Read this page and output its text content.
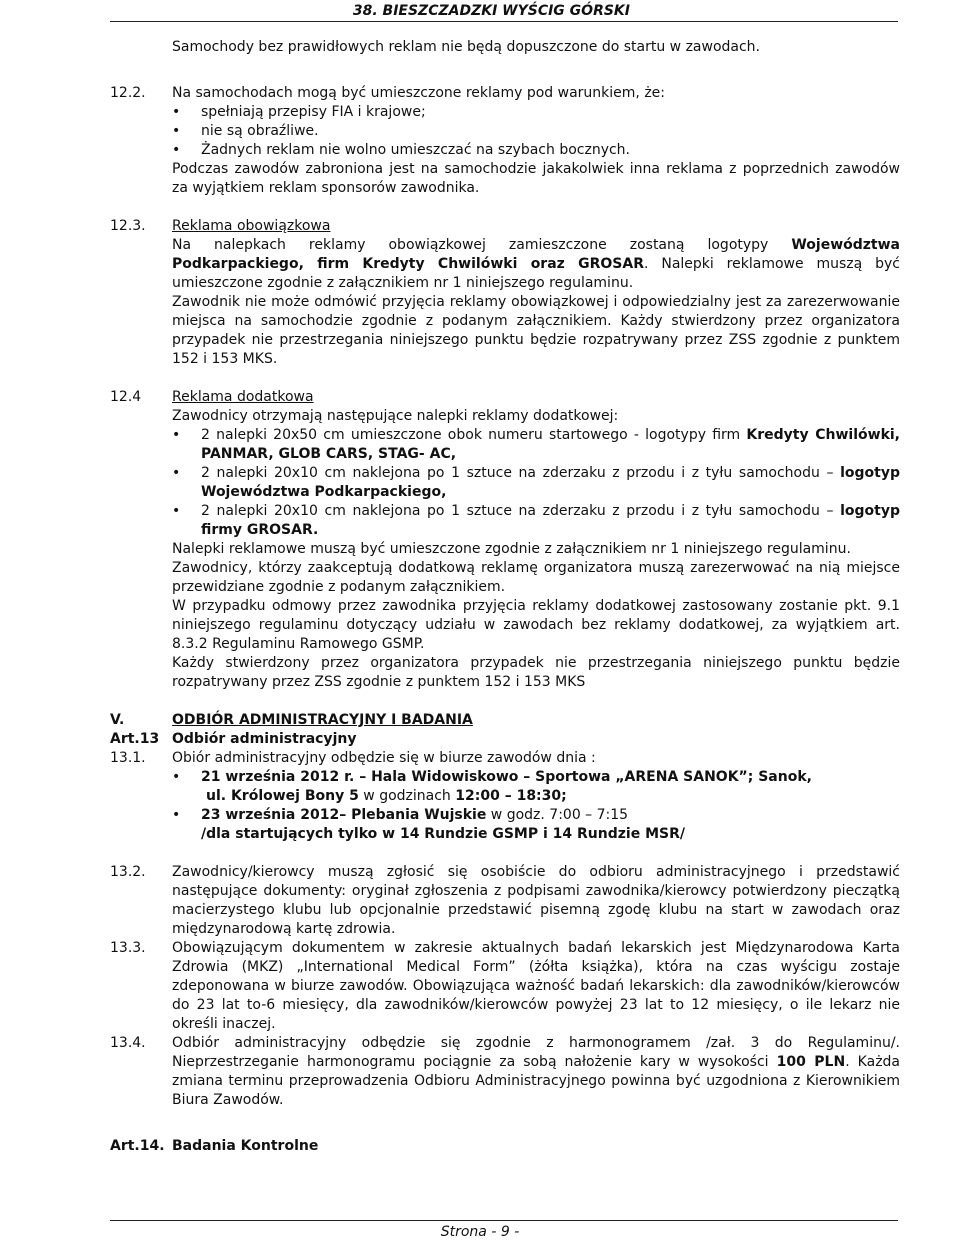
38. BIESZCZADZKI WYŚCIG GÓRSKI
Samochody bez prawidłowych reklam nie będą dopuszczone do startu w zawodach.
12.2. Na samochodach mogą być umieszczone reklamy pod warunkiem, że:
• spełniają przepisy FIA i krajowe;
• nie są obraźliwe.
• Żadnych reklam nie wolno umieszczać na szybach bocznych.
Podczas zawodów zabroniona jest na samochodzie jakakolwiek inna reklama z poprzednich zawodów za wyjątkiem reklam sponsorów zawodnika.
12.3. Reklama obowiązkowa
Na nalepkach reklamy obowiązkowej zamieszczone zostaną logotypy Województwa Podkarpackiego, firm Kredyty Chwilówki oraz GROSAR. Nalepki reklamowe muszą być umieszczone zgodnie z załącznikiem nr 1 niniejszego regulaminu.
Zawodnik nie może odmówić przyjęcia reklamy obowiązkowej i odpowiedzialny jest za zarezerwowanie miejsca na samochodzie zgodnie z podanym załącznikiem. Każdy stwierdzony przez organizatora przypadek nie przestrzegania niniejszego punktu będzie rozpatrywany przez ZSS zgodnie z punktem 152 i 153 MKS.
12.4 Reklama dodatkowa
Zawodnicy otrzymają następujące nalepki reklamy dodatkowej:
• 2 nalepki 20x50 cm umieszczone obok numeru startowego - logotypy firm Kredyty Chwilówki, PANMAR, GLOB CARS, STAG- AC,
• 2 nalepki 20x10 cm naklejona po 1 sztuce na zderzaku z przodu i z tyłu samochodu – logotyp Województwa Podkarpackiego,
• 2 nalepki 20x10 cm naklejona po 1 sztuce na zderzaku z przodu i z tyłu samochodu – logotyp firmy GROSAR.
Nalepki reklamowe muszą być umieszczone zgodnie z załącznikiem nr 1 niniejszego regulaminu.
Zawodnicy, którzy zaakceptują dodatkową reklamę organizatora muszą zarezerwować na nią miejsce przewidziane zgodnie z podanym załącznikiem.
W przypadku odmowy przez zawodnika przyjęcia reklamy dodatkowej zastosowany zostanie pkt. 9.1 niniejszego regulaminu dotyczący udziału w zawodach bez reklamy dodatkowej, za wyjątkiem art. 8.3.2 Regulaminu Ramowego GSMP.
Każdy stwierdzony przez organizatora przypadek nie przestrzegania niniejszego punktu będzie rozpatrywany przez ZSS zgodnie z punktem 152 i 153 MKS
V.	ODBIÓR ADMINISTRACYJNY I BADANIA
Art.13 Odbiór administracyjny
13.1. Obiór administracyjny odbędzie się w biurze zawodów dnia :
• 21 września 2012 r. – Hala Widowiskowo – Sportowa „ARENA SANOK”; Sanok,
ul. Królowej Bony 5 w godzinach 12:00 – 18:30;
• 23 września 2012– Plebania Wujskie w godz. 7:00 – 7:15
/dla startujących tylko w 14 Rundzie GSMP i 14 Rundzie MSR/
13.2. Zawodnicy/kierowcy muszą zgłosić się osobiście do odbioru administracyjnego i przedstawić następujące dokumenty: oryginał zgłoszenia z podpisami zawodnika/kierowcy potwierdzony pieczątką macierzystego klubu lub opcjonalnie przedstawić pisemną zgodę klubu na start w zawodach oraz międzynarodową kartę zdrowia.
13.3. Obowiązującym dokumentem w zakresie aktualnych badań lekarskich jest Międzynarodowa Karta Zdrowia (MKZ) „International Medical Form” (żółta książka), która na czas wyścigu zostaje zdeponowana w biurze zawodów. Obowiązująca ważność badań lekarskich: dla zawodników/kierowców do 23 lat to-6 miesięcy, dla zawodników/kierowców powyżej 23 lat to 12 miesięcy, o ile lekarz nie określi inaczej.
13.4. Odbiór administracyjny odbędzie się zgodnie z harmonogramem /zał. 3 do Regulaminu/. Nieprzestrzeganie harmonogramu pociągnie za sobą nałożenie kary w wysokości 100 PLN. Każda zmiana terminu przeprowadzenia Odbioru Administracyjnego powinna być uzgodniona z Kierownikiem Biura Zawodów.
Art.14. Badania Kontrolne
Strona - 9 -
